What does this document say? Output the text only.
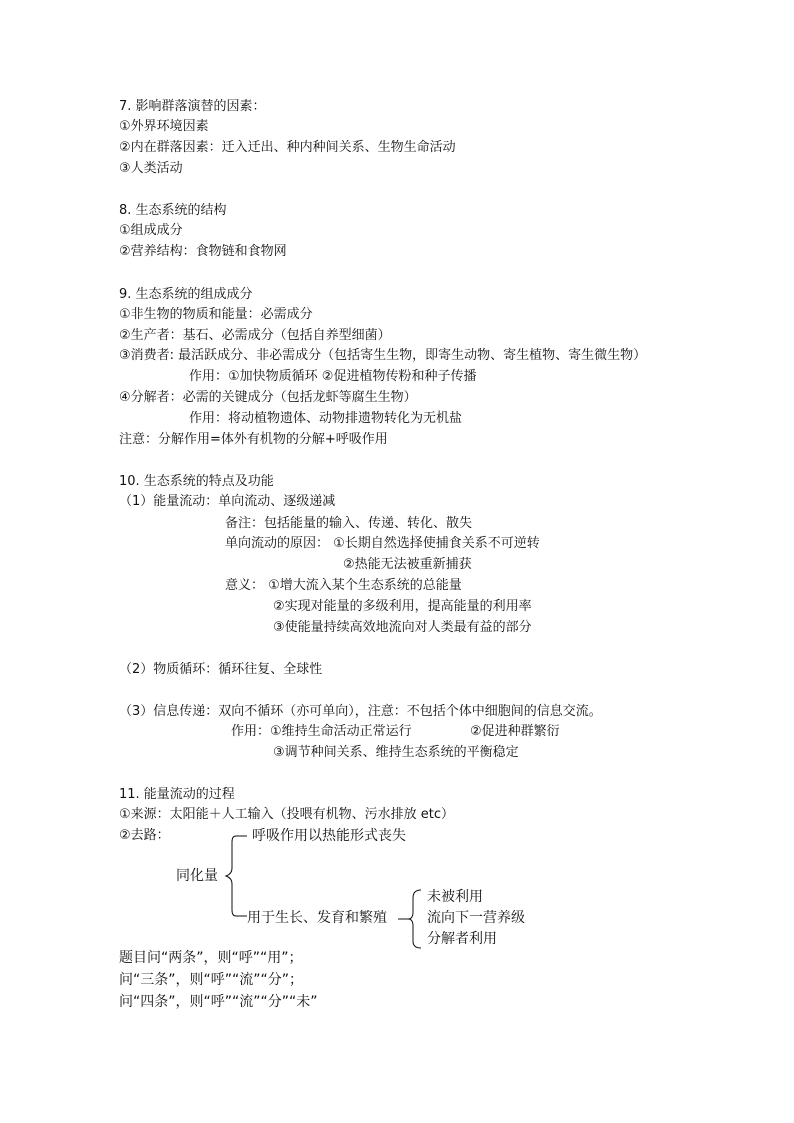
7. 影响群落演替的因素：
①外界环境因素
②内在群落因素：迁入迁出、种内种间关系、生物生命活动
③人类活动
8. 生态系统的结构
①组成成分
②营养结构：食物链和食物网
9. 生态系统的组成成分
①非生物的物质和能量：必需成分
②生产者：基石、必需成分（包括自养型细菌）
③消费者: 最活跃成分、非必需成分（包括寄生生物，即寄生动物、寄生植物、寄生微生物）
作用：①加快物质循环 ②促进植物传粉和种子传播
④分解者：必需的关键成分（包括龙虾等腐生生物）
作用：将动植物遗体、动物排遗物转化为无机盐
注意：分解作用=体外有机物的分解+呼吸作用
10. 生态系统的特点及功能
（1）能量流动：单向流动、逐级递减
备注：包括能量的输入、传递、转化、散失
单向流动的原因： ①长期自然选择使捕食关系不可逆转
②热能无法被重新捕获
意义： ①增大流入某个生态系统的总能量
②实现对能量的多级利用，提高能量的利用率
③使能量持续高效地流向对人类最有益的部分
（2）物质循环：循环往复、全球性
（3）信息传递：双向不循环（亦可单向），注意：不包括个体中细胞间的信息交流。
作用：①维持生命活动正常运行	②促进种群繁衍
③调节种间关系、维持生态系统的平衡稳定
11. 能量流动的过程
①来源：太阳能＋人工输入（投喂有机物、污水排放 etc）
②去路：
同化量
呼吸作用以热能形式丧失
用于生长、发育和繁殖
未被利用
流向下一营养级
分解者利用
题目问“两条”，则“呼”“用”；
问“三条”，则“呼”“流”“分”；
问“四条”，则“呼”“流”“分”“未”
